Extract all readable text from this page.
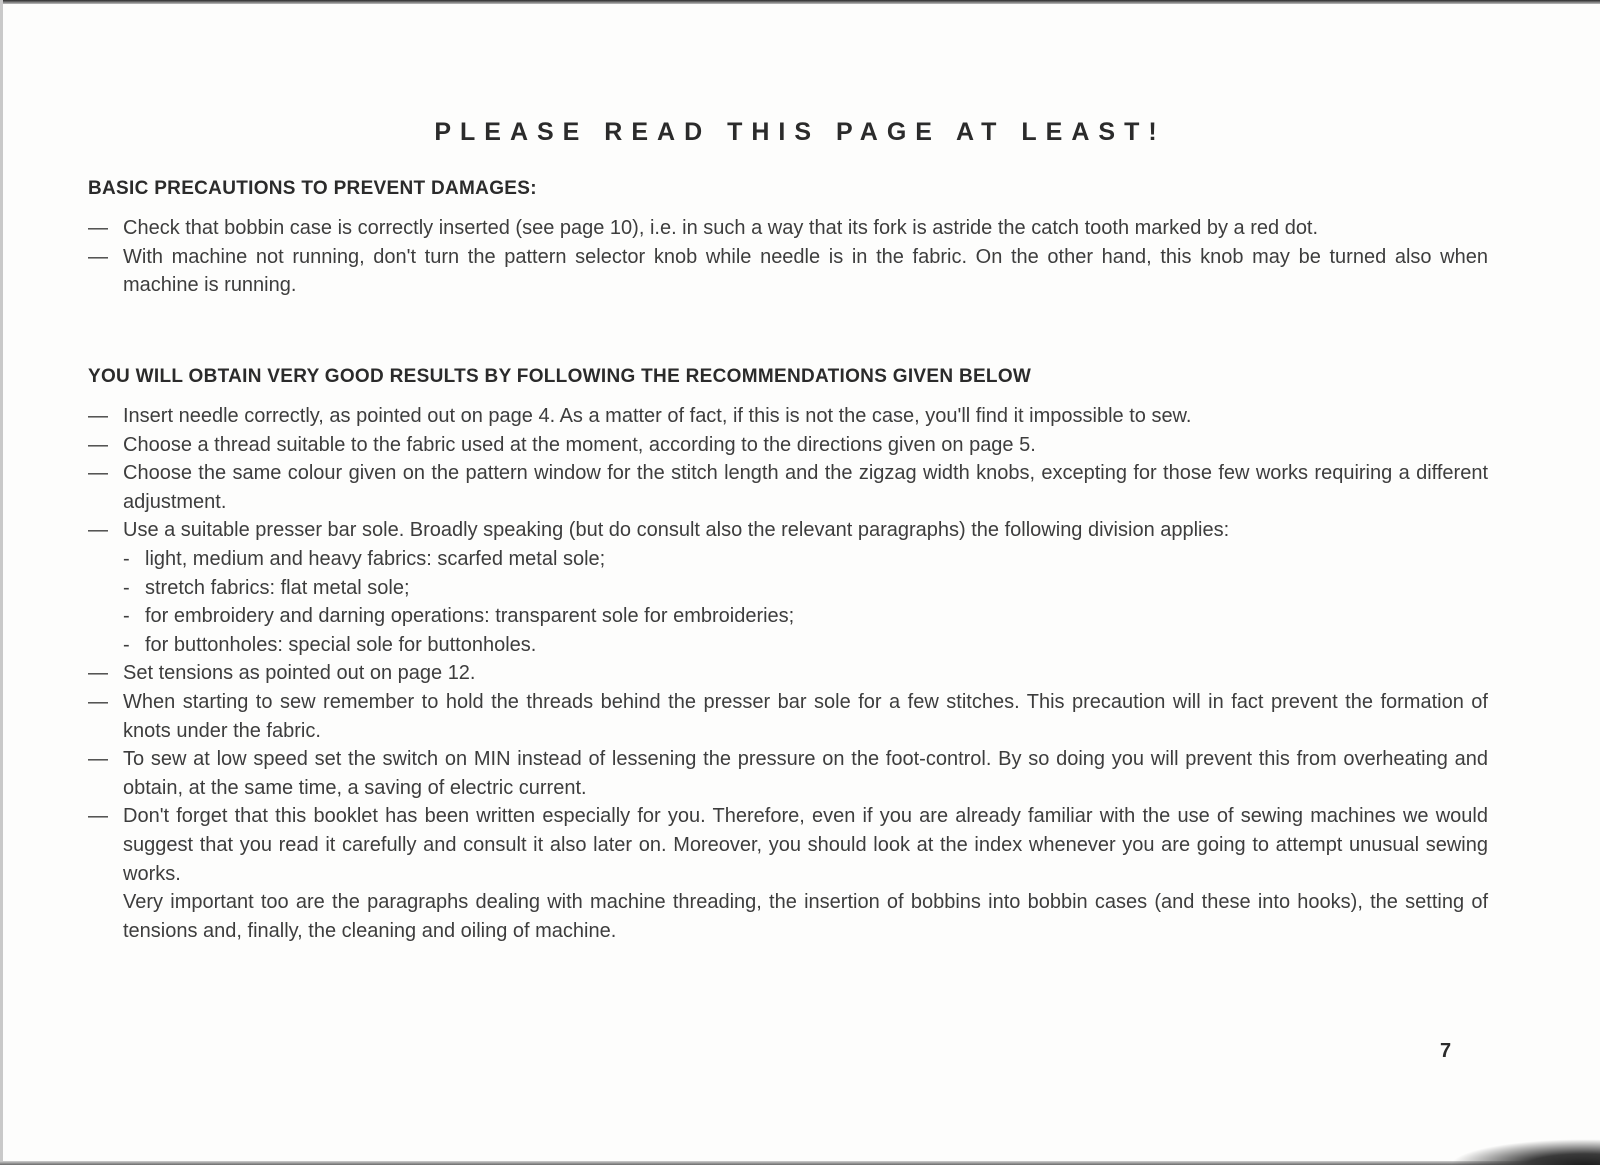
PLEASE READ THIS PAGE AT LEAST!
BASIC PRECAUTIONS TO PREVENT DAMAGES:
— Check that bobbin case is correctly inserted (see page 10), i.e. in such a way that its fork is astride the catch tooth marked by a red dot.
— With machine not running, don't turn the pattern selector knob while needle is in the fabric. On the other hand, this knob may be turned also when machine is running.
YOU WILL OBTAIN VERY GOOD RESULTS BY FOLLOWING THE RECOMMENDATIONS GIVEN BELOW
— Insert needle correctly, as pointed out on page 4. As a matter of fact, if this is not the case, you'll find it impossible to sew.
— Choose a thread suitable to the fabric used at the moment, according to the directions given on page 5.
— Choose the same colour given on the pattern window for the stitch length and the zigzag width knobs, excepting for those few works requiring a different adjustment.
— Use a suitable presser bar sole. Broadly speaking (but do consult also the relevant paragraphs) the following division applies:
- light, medium and heavy fabrics: scarfed metal sole;
- stretch fabrics: flat metal sole;
- for embroidery and darning operations: transparent sole for embroideries;
- for buttonholes: special sole for buttonholes.
— Set tensions as pointed out on page 12.
— When starting to sew remember to hold the threads behind the presser bar sole for a few stitches. This precaution will in fact prevent the formation of knots under the fabric.
— To sew at low speed set the switch on MIN instead of lessening the pressure on the foot-control. By so doing you will prevent this from overheating and obtain, at the same time, a saving of electric current.
— Don't forget that this booklet has been written especially for you. Therefore, even if you are already familiar with the use of sewing machines we would suggest that you read it carefully and consult it also later on. Moreover, you should look at the index whenever you are going to attempt unusual sewing works.
Very important too are the paragraphs dealing with machine threading, the insertion of bobbins into bobbin cases (and these into hooks), the setting of tensions and, finally, the cleaning and oiling of machine.
7
